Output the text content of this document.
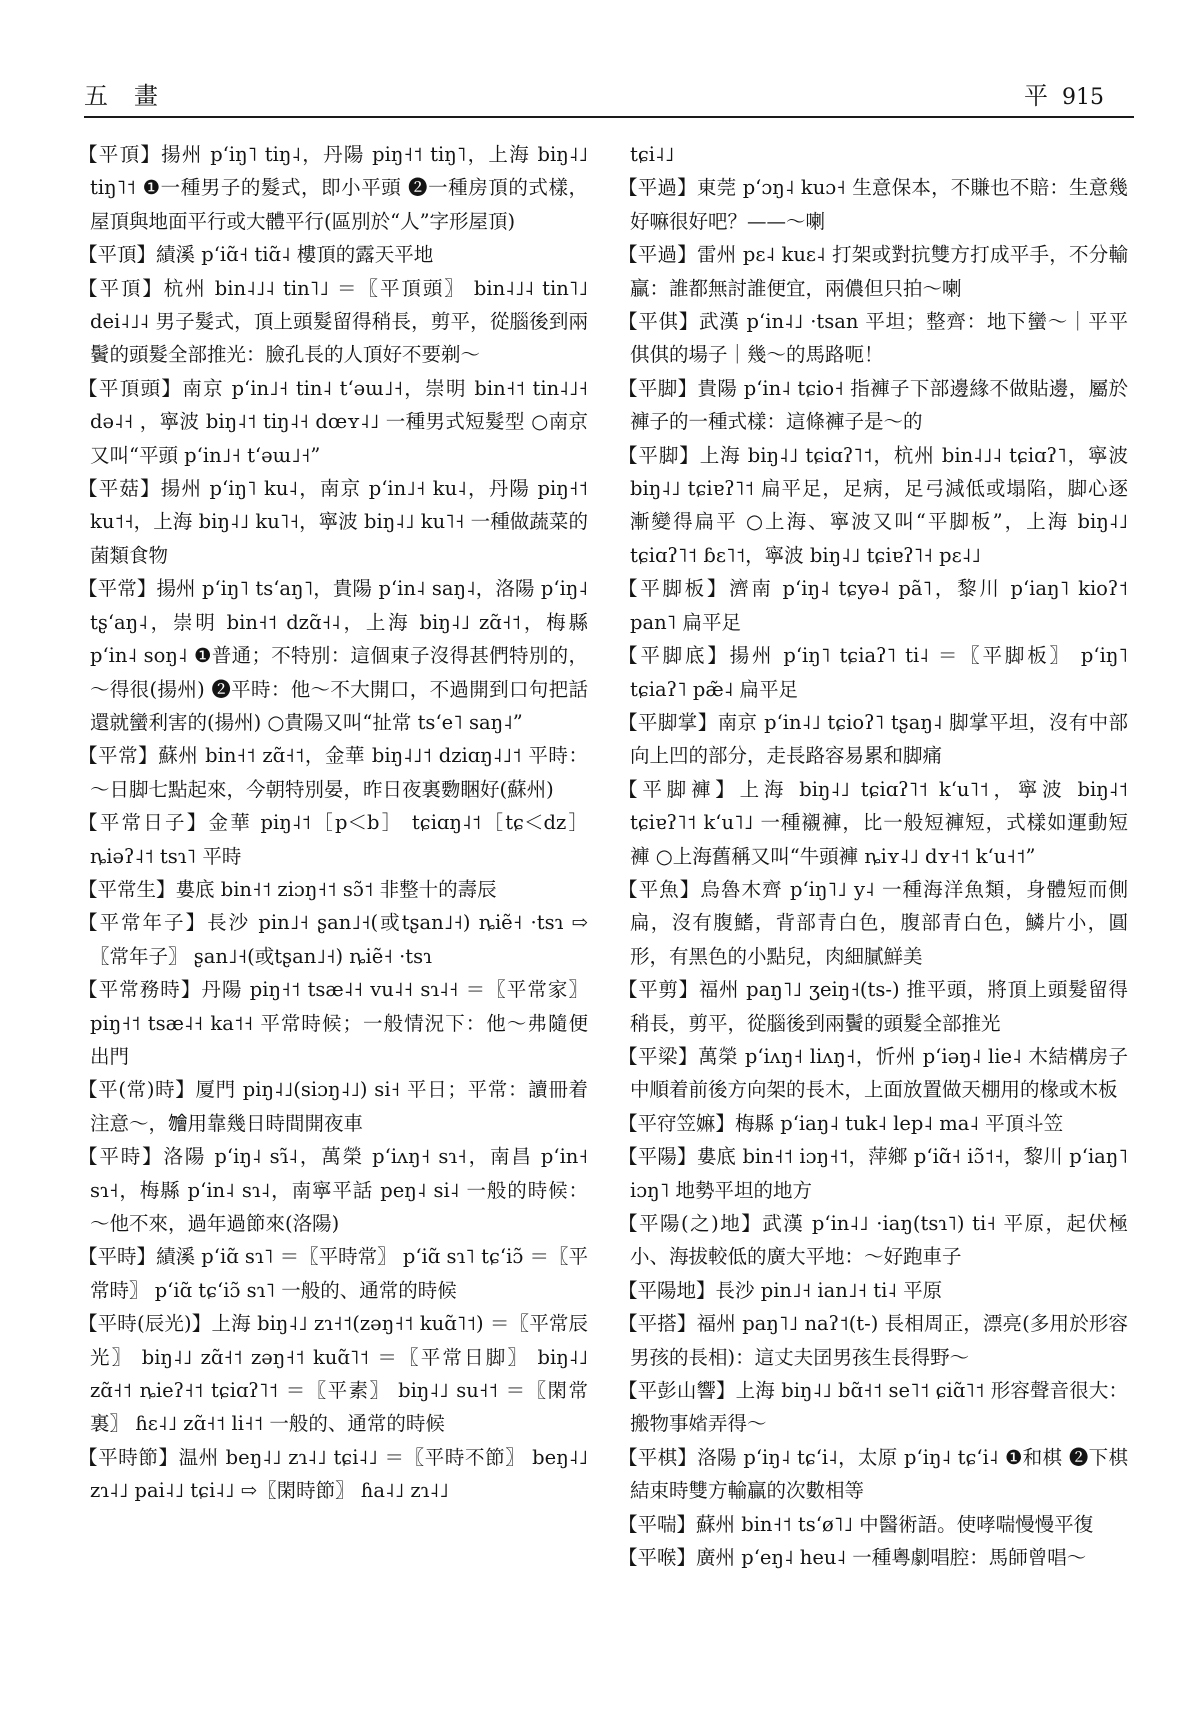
五畫	平 915

【平頂】揚州 pʻiŋ˥ tiŋ˨，丹陽 piŋ˧˦ tiŋ˥，上海 biŋ˨˩ tiŋ˥˦ ❶一種男子的髮式，即小平頭 ❷一種房頂的式樣，屋頂與地面平行或大體平行(區別於“人”字形屋頂)

【平頂】績溪 pʻiɑ̃˧ tiɑ̃˨ 樓頂的露天平地

【平頂】杭州 bin˨˩˨ tin˥˩ ＝〖平頂頭〗 bin˨˩˨ tin˥˩ dei˨˩˨ 男子髮式，頂上頭髮留得稍長，剪平，從腦後到兩鬢的頭髮全部推光：臉孔長的人頂好不要剃～

【平頂頭】南京 pʻin˩˧ tin˨ tʻəɯ˩˧，崇明 bin˧˦ tin˨˩˧ də˨˧ ，寧波 biŋ˨˦ tiŋ˨˧ dœʏ˨˩ 一種男式短髮型 ○南京又叫“平頭 pʻin˩˧ tʻəɯ˩˧”

【平菇】揚州 pʻiŋ˥ ku˨，南京 pʻin˩˧ ku˨，丹陽 piŋ˧˦ ku˦˧，上海 biŋ˨˩ ku˥˧，寧波 biŋ˨˩ ku˥˧ 一種做蔬菜的菌類食物

【平常】揚州 pʻiŋ˥ tsʻaŋ˥，貴陽 pʻin˨ saŋ˨，洛陽 pʻiŋ˨ tʂʻaŋ˨，崇明 bin˧˦ dzɑ̃˧˨，上海 biŋ˨˩ zɑ̃˧˦，梅縣 pʻin˨ soŋ˨ ❶普通；不特別：這個東子沒得甚們特別的，～得很(揚州) ❷平時：他～不大開口，不過開到口句把話還就蠻利害的(揚州) ○貴陽又叫“扯常 tsʻe˥ saŋ˨”

【平常】蘇州 bin˧˦ zɑ̃˧˦，金華 biŋ˨˩˦ dziɑŋ˨˩˦ 平時：～日脚七點起來，今朝特別晏，昨日夜裏覅睏好(蘇州)

【平常日子】金華 piŋ˨˦［p＜b］ tɕiɑŋ˨˦［tɕ＜dz］ ȵiəʔ˨˦ tsɿ˥ 平時

【平常生】婁底 bin˧˦ ziɔŋ˧˦ sɔ̃˦ 非整十的壽辰

【平常年子】長沙 pin˩˧ ʂan˩˧(或tʂan˩˧) ȵiẽ˧ ·tsɿ ⇨〖常年子〗 ʂan˩˧(或tʂan˩˧) ȵiẽ˧ ·tsɿ

【平常務時】丹陽 piŋ˧˦ tsæ˨˧ vu˨˧ sɿ˨˧ ＝〖平常家〗 piŋ˧˦ tsæ˨˧ ka˦˧ 平常時候；一般情況下：他～弗隨便出門

【平(常)時】厦門 piŋ˨˩(siɔŋ˨˩) si˧ 平日；平常：讀冊着注意～，𣍐用靠幾日時間開夜車

【平時】洛陽 pʻiŋ˨ sɿ̃˨，萬榮 pʻiʌŋ˧ sɿ˧，南昌 pʻin˧ sɿ˧，梅縣 pʻin˨ sɿ˨，南寧平話 peŋ˨ si˨ 一般的時候：～他不來，過年過節來(洛陽)

【平時】績溪 pʻiɑ̃ sɿ˥ ＝〖平時常〗 pʻiɑ̃ sɿ˥ tɕʻiɔ̃ ＝〖平常時〗 pʻiɑ̃ tɕʻiɔ̃ sɿ˥ 一般的、通常的時候

【平時(辰光)】上海 biŋ˨˩ zɿ˧˦(zəŋ˧˦ kuɑ̃˥˦) ＝〖平常辰光〗 biŋ˨˩ zɑ̃˧˦ zəŋ˧˦ kuɑ̃˥˦ ＝〖平常日脚〗 biŋ˨˩ zɑ̃˧˦ ȵieʔ˧˦ tɕiɑʔ˥˦ ＝〖平素〗 biŋ˨˩ su˧˦ ＝〖閑常裏〗 ɦɛ˨˩ zɑ̃˧˦ li˧˦ 一般的、通常的時候

【平時節】温州 beŋ˨˩ zɿ˨˩ tɕi˨˩ ＝〖平時不節〗 beŋ˨˩ zɿ˨˩ pai˨˩ tɕi˨˩ ⇨〖閑時節〗 ɦa˨˩ zɿ˨˩

tɕi˨˩

【平過】東莞 pʻɔŋ˨ kuɔ˧ 生意保本，不賺也不賠：生意幾好嘛很好吧？——～喇

【平過】雷州 pɛ˨ kuɛ˨ 打架或對抗雙方打成平手，不分輸贏：誰都無討誰便宜，兩儂但只拍～喇

【平倛】武漢 pʻin˨˩ ·tsan 平坦；整齊：地下蠻～｜平平倛倛的場子｜幾～的馬路呃！

【平脚】貴陽 pʻin˨ tɕio˧ 指褲子下部邊緣不做貼邊，屬於褲子的一種式樣：這條褲子是～的

【平脚】上海 biŋ˨˩ tɕiɑʔ˥˦，杭州 bin˨˩˨ tɕiɑʔ˥，寧波 biŋ˨˩ tɕiɐʔ˥˦ 扁平足，足病，足弓減低或塌陷，脚心逐漸變得扁平 ○上海、寧波又叫“平脚板”，上海 biŋ˨˩ tɕiɑʔ˥˦ ɓɛ˥˦，寧波 biŋ˨˩ tɕiɐʔ˥˧ pɛ˨˩

【平脚板】濟南 pʻiŋ˨ tɕyə˨ pã˥，黎川 pʻiaŋ˥ kioʔ˦ pan˥ 扁平足

【平脚底】揚州 pʻiŋ˥ tɕiaʔ˥ ti˨ ＝〖平脚板〗 pʻiŋ˥ tɕiaʔ˥ pæ̃˨ 扁平足

【平脚掌】南京 pʻin˨˩ tɕioʔ˥ tʂaŋ˨ 脚掌平坦，沒有中部向上凹的部分，走長路容易累和脚痛

【平脚褲】上海 biŋ˨˩ tɕiɑʔ˥˦ kʻu˥˦，寧波 biŋ˨˦ tɕiɐʔ˥˦ kʻu˥˩ 一種襯褲，比一般短褲短，式樣如運動短褲 ○上海舊稱又叫“牛頭褲 ȵiʏ˨˩ dʏ˧˦ kʻu˧˦”

【平魚】烏魯木齊 pʻiŋ˥˩ y˨ 一種海洋魚類，身體短而側扁，沒有腹鰭，背部青白色，腹部青白色，鱗片小，圓形，有黑色的小點兒，肉細膩鮮美

【平剪】福州 paŋ˥˩ ʒeiŋ˧(ts-) 推平頭，將頂上頭髮留得稍長，剪平，從腦後到兩鬢的頭髮全部推光

【平梁】萬榮 pʻiʌŋ˧ liʌŋ˧，忻州 pʻiəŋ˨ lie˨ 木結構房子中順着前後方向架的長木，上面放置做天棚用的椽或木板

【平𡧛笠嫲】梅縣 pʻiaŋ˨ tuk˨ lep˨ ma˨ 平頂斗笠

【平陽】婁底 bin˧˦ iɔŋ˧˦，萍鄉 pʻiɑ̃˧ iɔ̃˦˧，黎川 pʻiaŋ˥ iɔŋ˥ 地勢平坦的地方

【平陽(之)地】武漢 pʻin˨˩ ·iaŋ(tsɿ˥) ti˧ 平原，起伏極小、海拔較低的廣大平地：～好跑車子

【平陽地】長沙 pin˩˧ ian˩˧ ti˨ 平原

【平搭】福州 paŋ˥˩ naʔ˦(t-) 長相周正，漂亮(多用於形容男孩的長相)：這丈夫囝男孩生長得野～

【平彭山響】上海 biŋ˨˩ bɑ̃˧˦ se˥˦ ɕiɑ̃˥˦ 形容聲音很大：搬物事𡞞弄得～

【平棋】洛陽 pʻiŋ˨ tɕʻi˨，太原 pʻiŋ˨ tɕʻi˨ ❶和棋 ❷下棋結束時雙方輸贏的次數相等

【平喘】蘇州 bin˧˦ tsʻø˥˩ 中醫術語。使哮喘慢慢平復

【平喉】廣州 pʻeŋ˨ heu˨ 一種粵劇唱腔：馬師曾唱～
